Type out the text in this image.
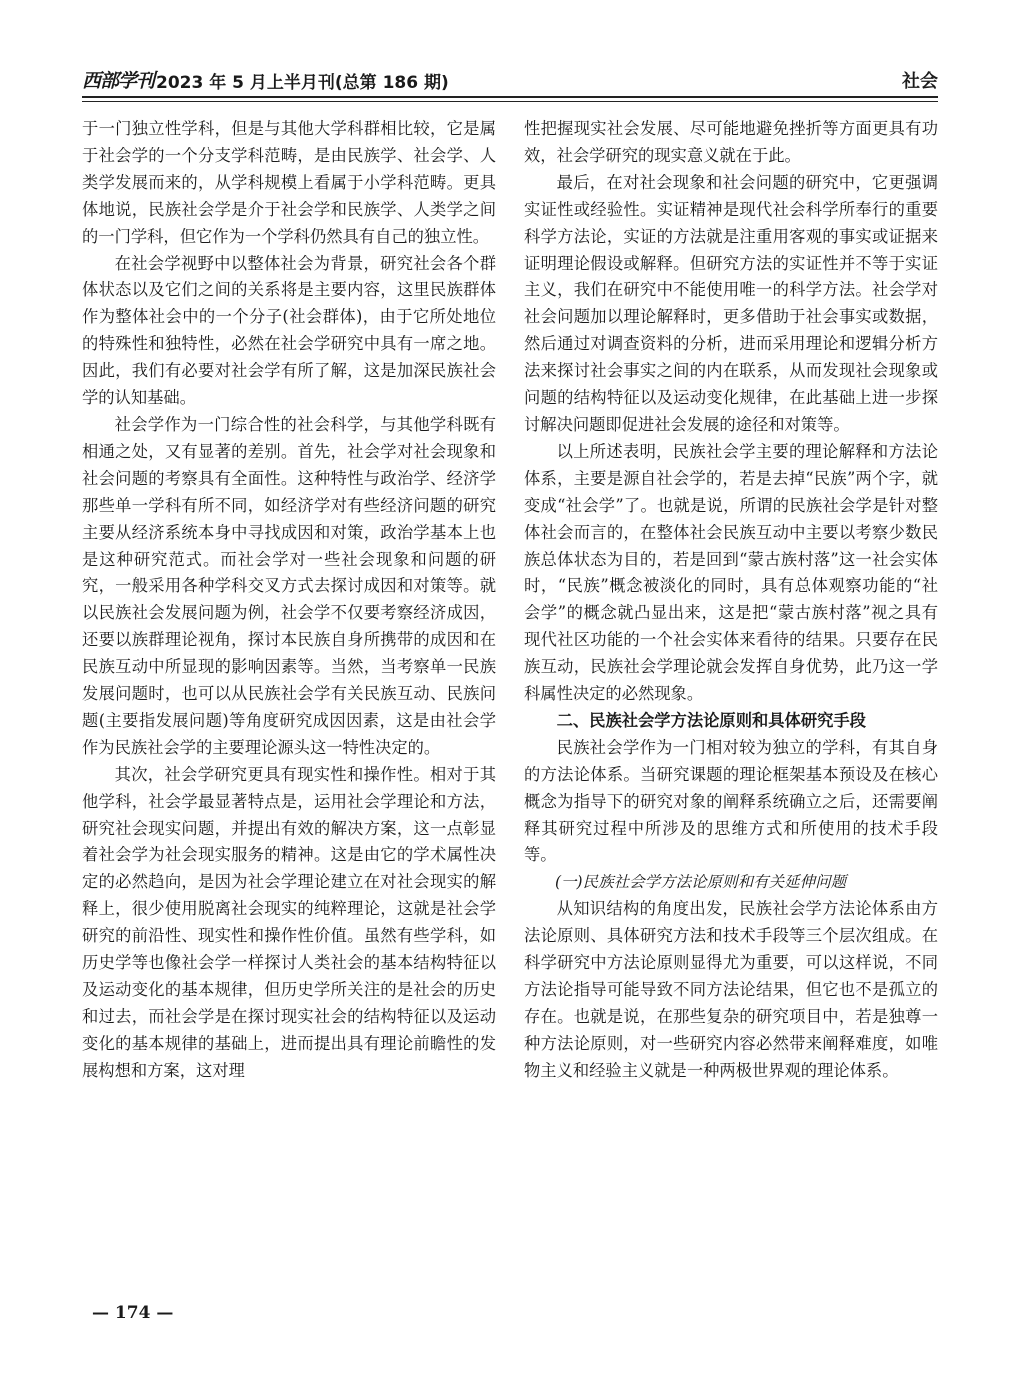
西部学刊 2023 年 5 月上半月刊(总第 186 期)	社会

于一门独立性学科，但是与其他大学科群相比较，它是属于社会学的一个分支学科范畴，是由民族学、社会学、人类学发展而来的，从学科规模上看属于小学科范畴。更具体地说，民族社会学是介于社会学和民族学、人类学之间的一门学科，但它作为一个学科仍然具有自己的独立性。

在社会学视野中以整体社会为背景，研究社会各个群体状态以及它们之间的关系将是主要内容，这里民族群体作为整体社会中的一个分子(社会群体)，由于它所处地位的特殊性和独特性，必然在社会学研究中具有一席之地。因此，我们有必要对社会学有所了解，这是加深民族社会学的认知基础。

社会学作为一门综合性的社会科学，与其他学科既有相通之处，又有显著的差别。首先，社会学对社会现象和社会问题的考察具有全面性。这种特性与政治学、经济学那些单一学科有所不同，如经济学对有些经济问题的研究主要从经济系统本身中寻找成因和对策，政治学基本上也是这种研究范式。而社会学对一些社会现象和问题的研究，一般采用各种学科交叉方式去探讨成因和对策等。就以民族社会发展问题为例，社会学不仅要考察经济成因，还要以族群理论视角，探讨本民族自身所携带的成因和在民族互动中所显现的影响因素等。当然，当考察单一民族发展问题时，也可以从民族社会学有关民族互动、民族问题(主要指发展问题)等角度研究成因因素，这是由社会学作为民族社会学的主要理论源头这一特性决定的。

其次，社会学研究更具有现实性和操作性。相对于其他学科，社会学最显著特点是，运用社会学理论和方法，研究社会现实问题，并提出有效的解决方案，这一点彰显着社会学为社会现实服务的精神。这是由它的学术属性决定的必然趋向，是因为社会学理论建立在对社会现实的解释上，很少使用脱离社会现实的纯粹理论，这就是社会学研究的前沿性、现实性和操作性价值。虽然有些学科，如历史学等也像社会学一样探讨人类社会的基本结构特征以及运动变化的基本规律，但历史学所关注的是社会的历史和过去，而社会学是在探讨现实社会的结构特征以及运动变化的基本规律的基础上，进而提出具有理论前瞻性的发展构想和方案，这对理

性把握现实社会发展、尽可能地避免挫折等方面更具有功效，社会学研究的现实意义就在于此。

最后，在对社会现象和社会问题的研究中，它更强调实证性或经验性。实证精神是现代社会科学所奉行的重要科学方法论，实证的方法就是注重用客观的事实或证据来证明理论假设或解释。但研究方法的实证性并不等于实证主义，我们在研究中不能使用唯一的科学方法。社会学对社会问题加以理论解释时，更多借助于社会事实或数据，然后通过对调查资料的分析，进而采用理论和逻辑分析方法来探讨社会事实之间的内在联系，从而发现社会现象或问题的结构特征以及运动变化规律，在此基础上进一步探讨解决问题即促进社会发展的途径和对策等。

以上所述表明，民族社会学主要的理论解释和方法论体系，主要是源自社会学的，若是去掉“民族”两个字，就变成“社会学”了。也就是说，所谓的民族社会学是针对整体社会而言的，在整体社会民族互动中主要以考察少数民族总体状态为目的，若是回到“蒙古族村落”这一社会实体时，“民族”概念被淡化的同时，具有总体观察功能的“社会学”的概念就凸显出来，这是把“蒙古族村落”视之具有现代社区功能的一个社会实体来看待的结果。只要存在民族互动，民族社会学理论就会发挥自身优势，此乃这一学科属性决定的必然现象。

二、民族社会学方法论原则和具体研究手段

民族社会学作为一门相对较为独立的学科，有其自身的方法论体系。当研究课题的理论框架基本预设及在核心概念为指导下的研究对象的阐释系统确立之后，还需要阐释其研究过程中所涉及的思维方式和所使用的技术手段等。

(一)民族社会学方法论原则和有关延伸问题

从知识结构的角度出发，民族社会学方法论体系由方法论原则、具体研究方法和技术手段等三个层次组成。在科学研究中方法论原则显得尤为重要，可以这样说，不同方法论指导可能导致不同方法论结果，但它也不是孤立的存在。也就是说，在那些复杂的研究项目中，若是独尊一种方法论原则，对一些研究内容必然带来阐释难度，如唯物主义和经验主义就是一种两极世界观的理论体系。

— 174 —
